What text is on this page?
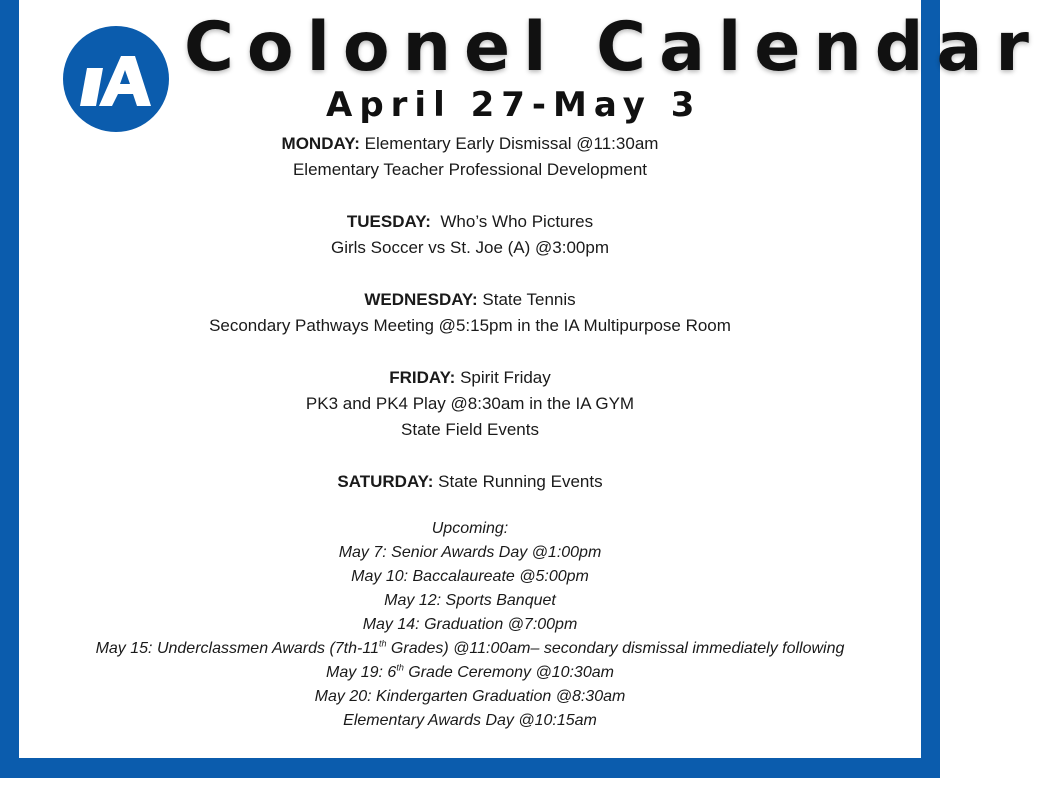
Colonel Calendar
April 27-May 3

MONDAY: Elementary Early Dismissal @11:30am

Elementary Teacher Professional Development

TUESDAY:  Who’s Who Pictures

Girls Soccer vs St. Joe (A) @3:00pm

WEDNESDAY: State Tennis

Secondary Pathways Meeting @5:15pm in the IA Multipurpose Room

FRIDAY: Spirit Friday

PK3 and PK4 Play @8:30am in the IA GYM

State Field Events

SATURDAY: State Running Events

Upcoming:

May 7: Senior Awards Day @1:00pm

May 10: Baccalaureate @5:00pm

May 12: Sports Banquet

May 14: Graduation @7:00pm

May 15: Underclassmen Awards (7th-11th Grades) @11:00am– secondary dismissal immediately following

May 19: 6th Grade Ceremony @10:30am

May 20: Kindergarten Graduation @8:30am

Elementary Awards Day @10:15am
